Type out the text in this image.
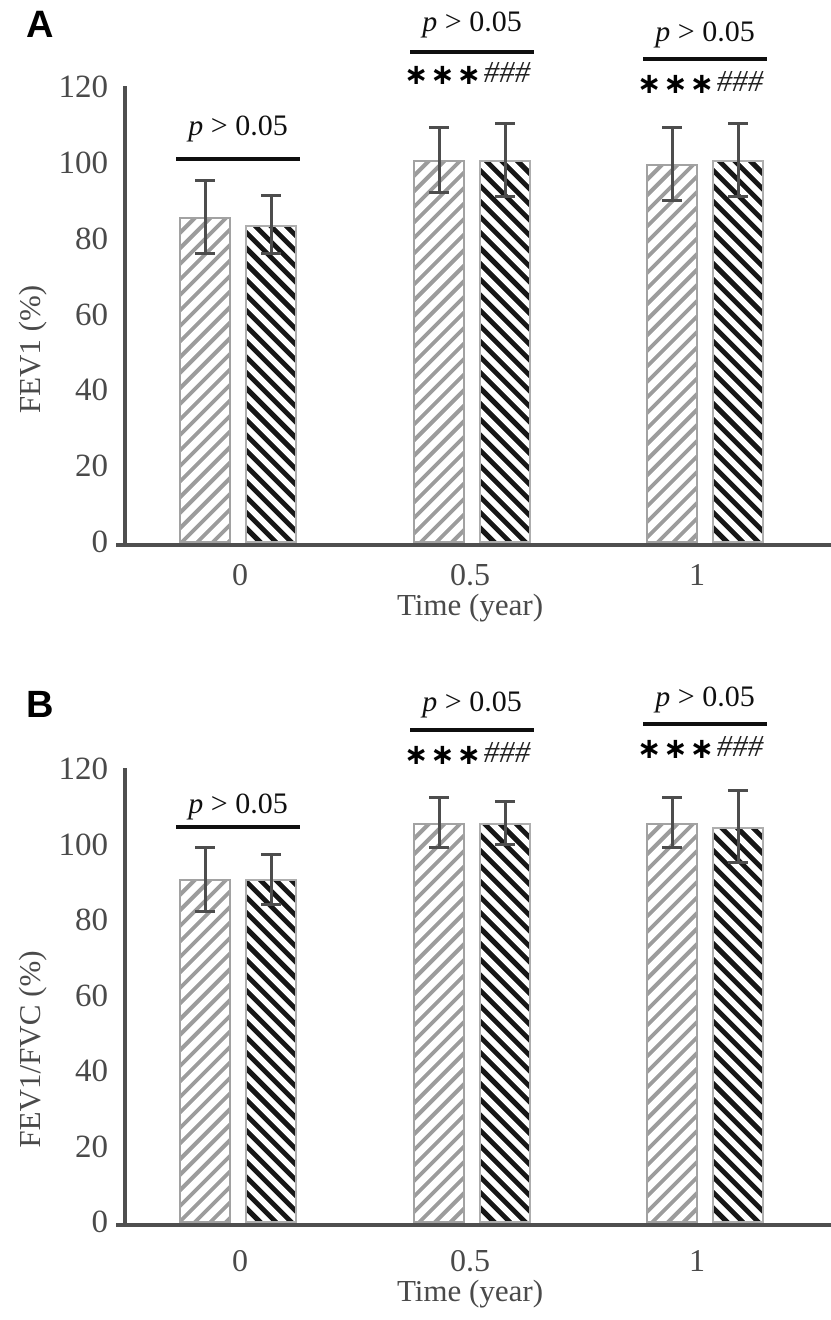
A
FEV1 (%)
Time (year)
0
20
40
60
80
100
120
0	0.5	1
p > 0.05
p > 0.05
∗∗∗ ###
p > 0.05
∗∗∗ ###
B
FEV1/FVC (%)
Time (year)
0
20
40
60
80
100
120
0	0.5	1
p > 0.05
p > 0.05
∗∗∗ ###
p > 0.05
∗∗∗ ###
